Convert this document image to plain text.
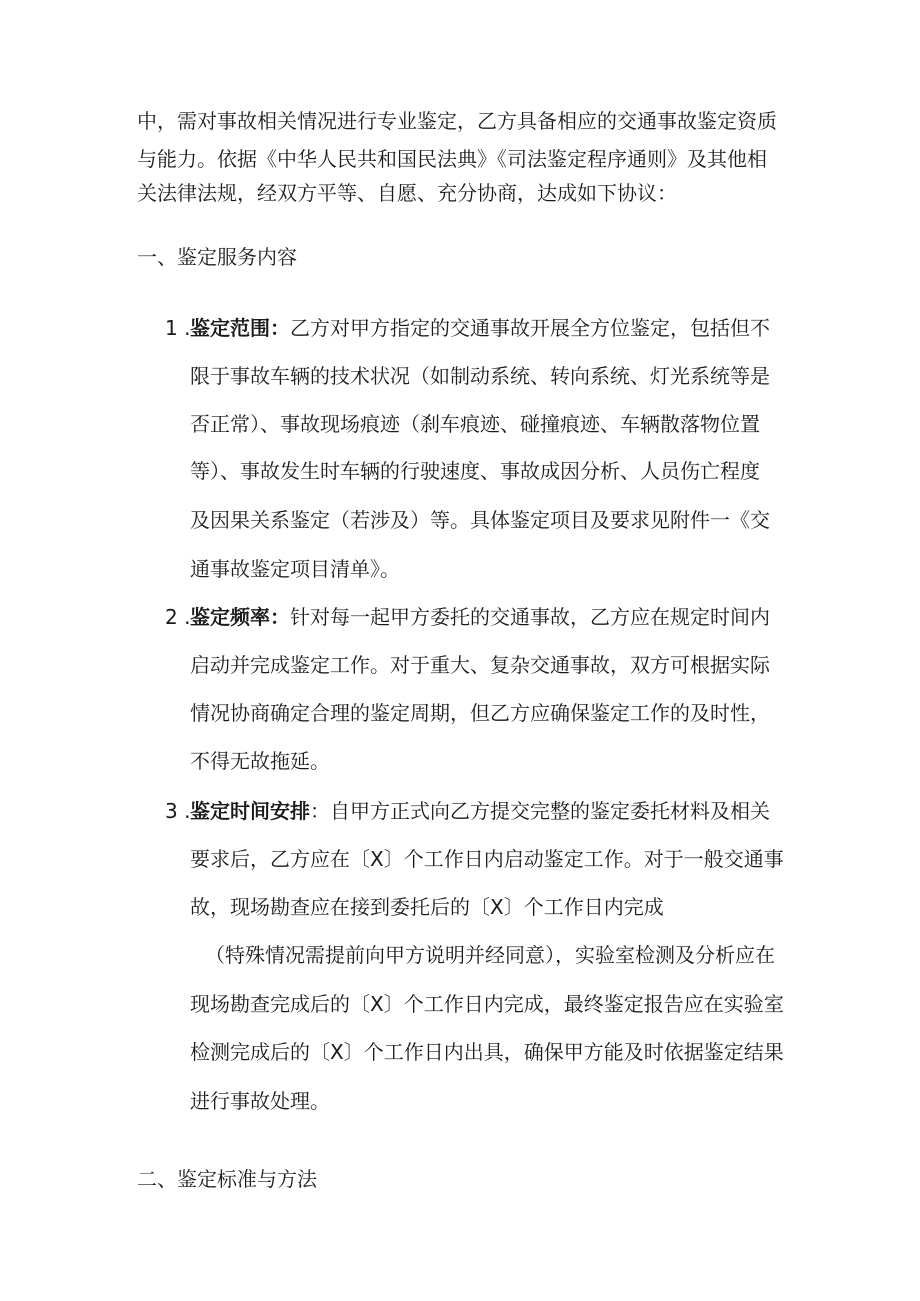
中，需对事故相关情况进行专业鉴定，乙方具备相应的交通事故鉴定资质
与能力。依据《中华人民共和国民法典》《司法鉴定程序通则》及其他相
关法律法规，经双方平等、自愿、充分协商，达成如下协议：
一、鉴定服务内容
1 . 鉴定范围：乙方对甲方指定的交通事故开展全方位鉴定，包括但不
限于事故车辆的技术状况（如制动系统、转向系统、灯光系统等是
否正常）、事故现场痕迹（刹车痕迹、碰撞痕迹、车辆散落物位置
等）、事故发生时车辆的行驶速度、事故成因分析、人员伤亡程度
及因果关系鉴定（若涉及）等。具体鉴定项目及要求见附件一《交
通事故鉴定项目清单》。
2 . 鉴定频率：针对每一起甲方委托的交通事故，乙方应在规定时间内
启动并完成鉴定工作。对于重大、复杂交通事故，双方可根据实际
情况协商确定合理的鉴定周期，但乙方应确保鉴定工作的及时性，
不得无故拖延。
3 . 鉴定时间安排：自甲方正式向乙方提交完整的鉴定委托材料及相关
要求后，乙方应在〔X〕个工作日内启动鉴定工作。对于一般交通事
故，现场勘查应在接到委托后的〔X〕个工作日内完成
（特殊情况需提前向甲方说明并经同意），实验室检测及分析应在
现场勘查完成后的〔X〕个工作日内完成，最终鉴定报告应在实验室
检测完成后的〔X〕个工作日内出具，确保甲方能及时依据鉴定结果
进行事故处理。
二、鉴定标准与方法
